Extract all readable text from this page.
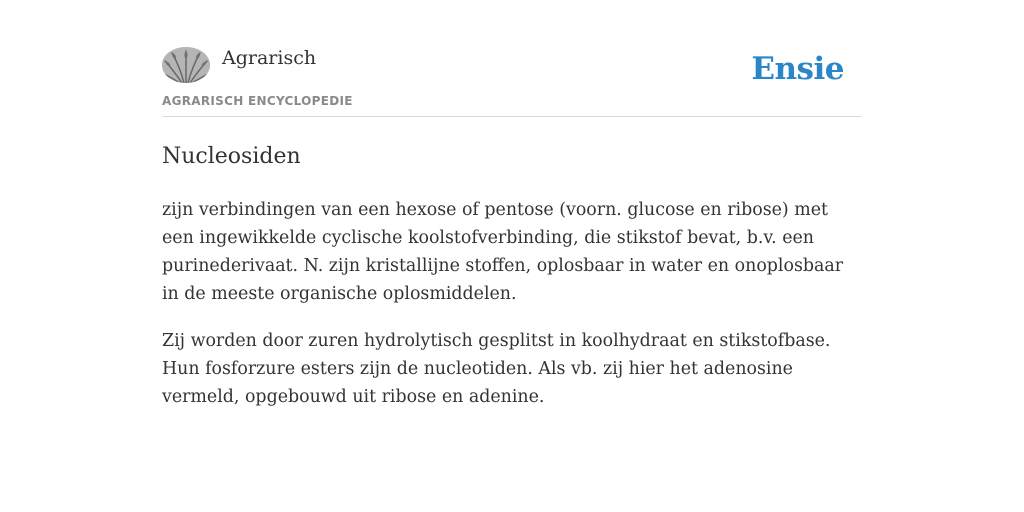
Agrarisch
AGRARISCH ENCYCLOPEDIE
Ensie
Nucleosiden

zijn verbindingen van een hexose of pentose (voorn. glucose en ribose) met een ingewikkelde cyclische koolstofverbinding, die stikstof bevat, b.v. een purinederivaat. N. zijn kristallijne stoffen, oplosbaar in water en onoplosbaar in de meeste organische oplosmiddelen.

Zij worden door zuren hydrolytisch gesplitst in koolhydraat en stikstofbase. Hun fosforzure esters zijn de nucleotiden. Als vb. zij hier het adenosine vermeld, opgebouwd uit ribose en adenine.
